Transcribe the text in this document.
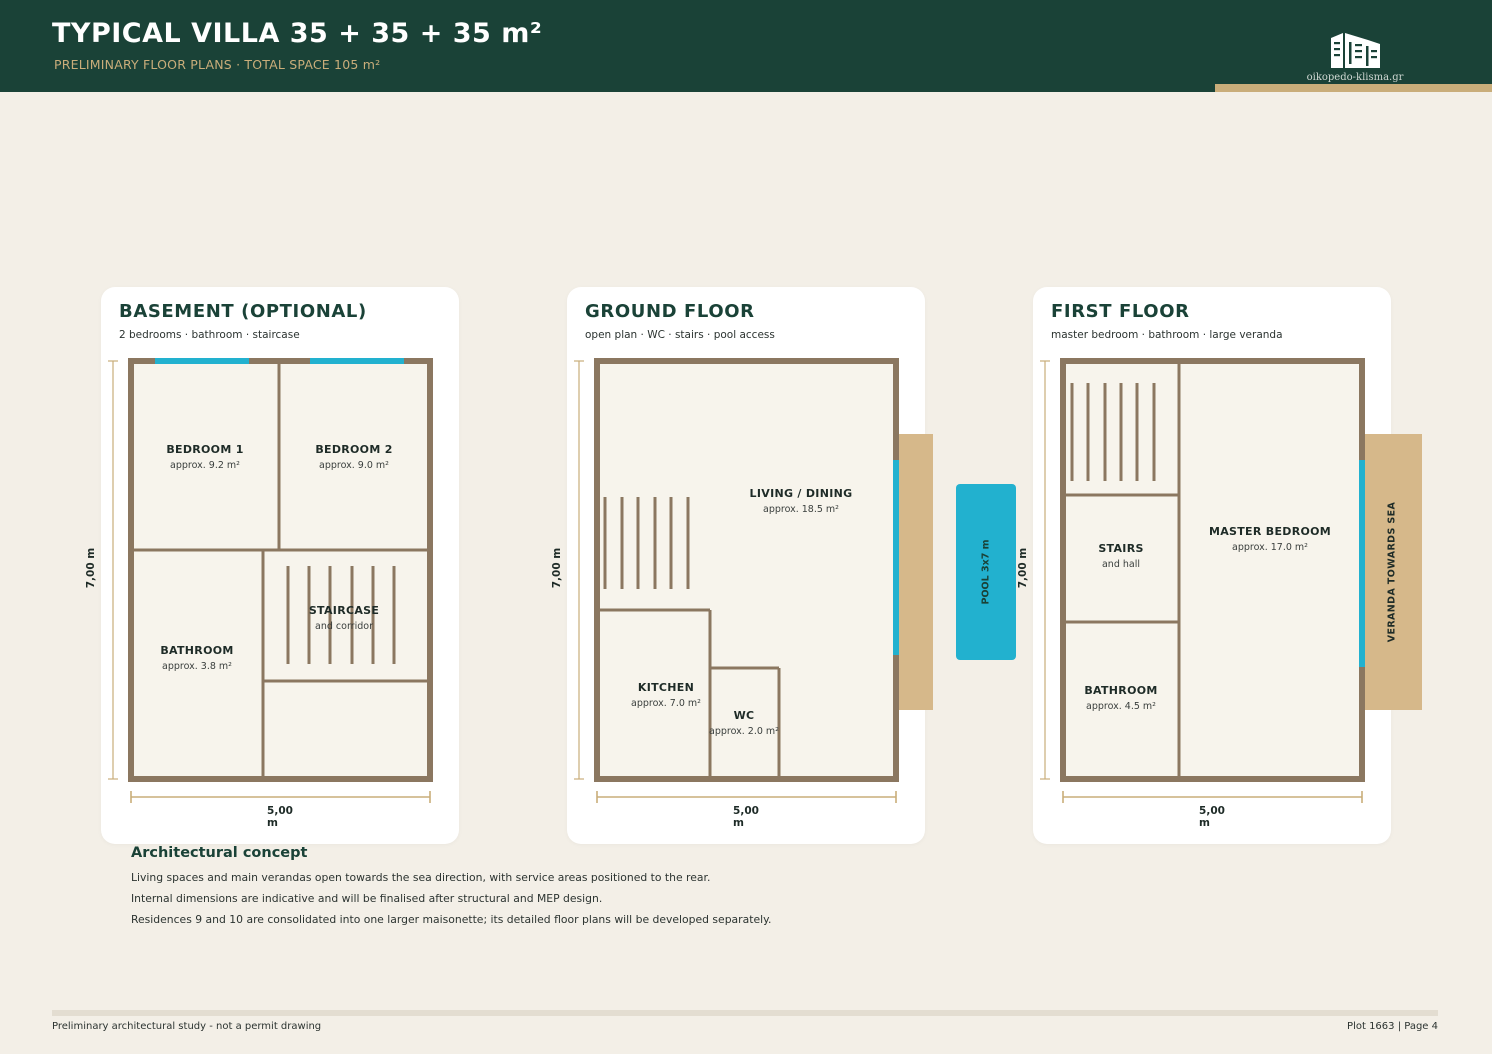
TYPICAL VILLA 35 + 35 + 35 m²
PRELIMINARY FLOOR PLANS · TOTAL SPACE 105 m²
oikopedo-klisma.gr
BASEMENT (OPTIONAL)
2 bedrooms · bathroom · staircase
GROUND FLOOR
open plan · WC · stairs · pool access
FIRST FLOOR
master bedroom · bathroom · large veranda
BEDROOM 1
approx. 9.2 m²
BEDROOM 2
approx. 9.0 m²
BATHROOM
approx. 3.8 m²
STAIRCASE
and corridor
LIVING / DINING
approx. 18.5 m²
KITCHEN
approx. 7.0 m²
WC
approx. 2.0 m²
STAIRS
and hall
MASTER BEDROOM
approx. 17.0 m²
BATHROOM
approx. 4.5 m²
5,00 m
5,00 m
5,00 m
7,00 m	7,00 m	7,00 m
POOL 3x7 m	VERANDA TOWARDS SEA
Architectural concept
Living spaces and main verandas open towards the sea direction, with service areas positioned to the rear.
Internal dimensions are indicative and will be finalised after structural and MEP design.
Residences 9 and 10 are consolidated into one larger maisonette; its detailed floor plans will be developed separately.
Preliminary architectural study - not a permit drawing	Plot 1663 | Page 4
